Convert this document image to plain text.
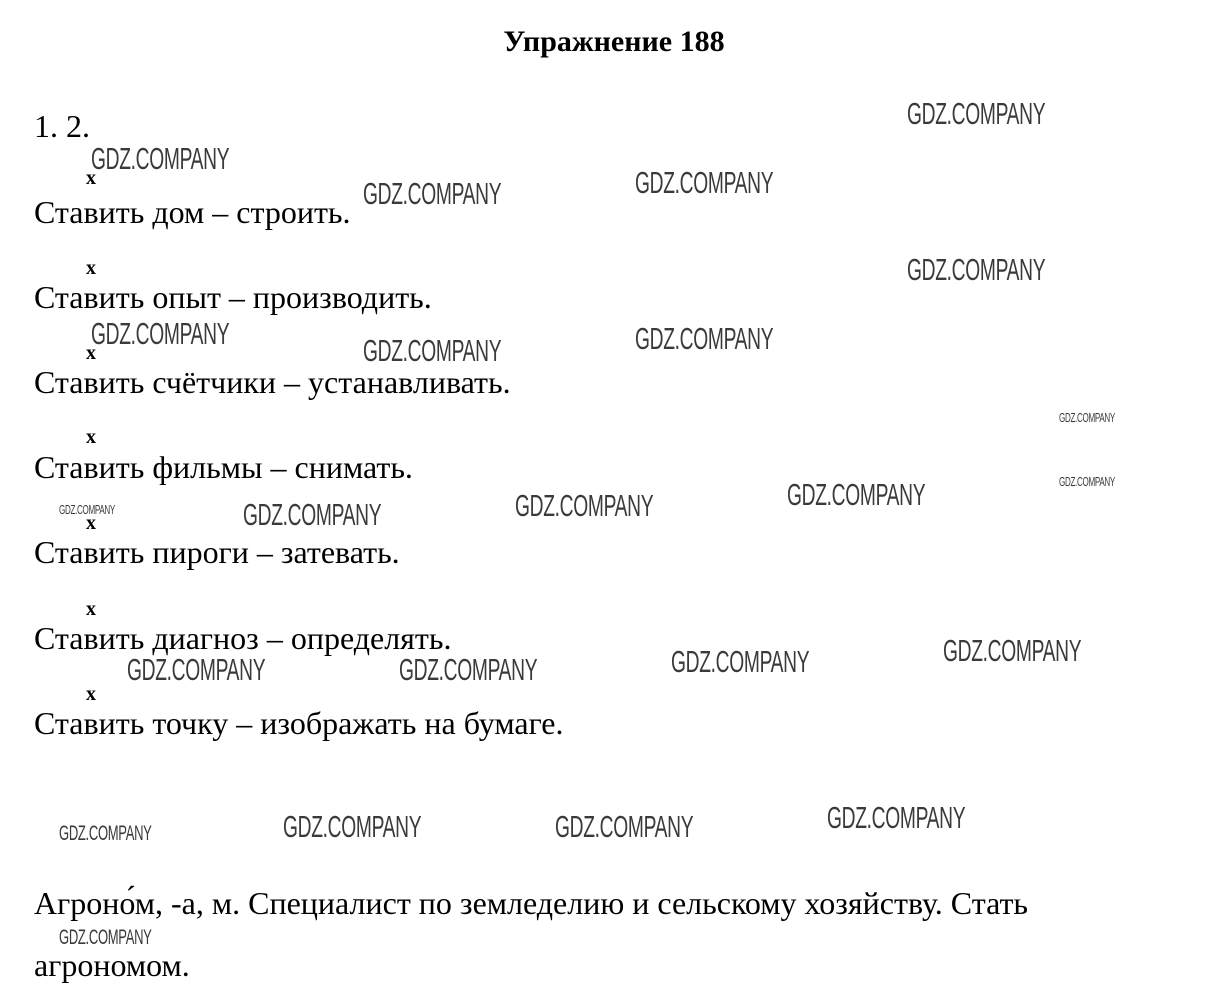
Упражнение 188
1. 2.
х
Ставить дом – строить.
х
Ставить опыт – производить.
х
Ставить счётчики – устанавливать.
х
Ставить фильмы – снимать.
х
Ставить пироги – затевать.
х
Ставить диагноз – определять.
х
Ставить точку – изображать на бумаге.
Агроно́м, -а, м. Специалист по земледелию и сельскому хозяйству. Стать агрономом.
GDZ.COMPANY
GDZ.COMPANY
GDZ.COMPANY
GDZ.COMPANY
GDZ.COMPANY
GDZ.COMPANY	GDZ.COMPANY
GDZ.COMPANY
GDZ.COMPANY
GDZ.COMPANY
GDZ.COMPANY
GDZ.COMPANY
GDZ.COMPANY
GDZ.COMPANY
GDZ.COMPANY
GDZ.COMPANY
GDZ.COMPANY	GDZ.COMPANY
GDZ.COMPANY
GDZ.COMPANY	GDZ.COMPANY
GDZ.COMPANY
GDZ.COMPANY
